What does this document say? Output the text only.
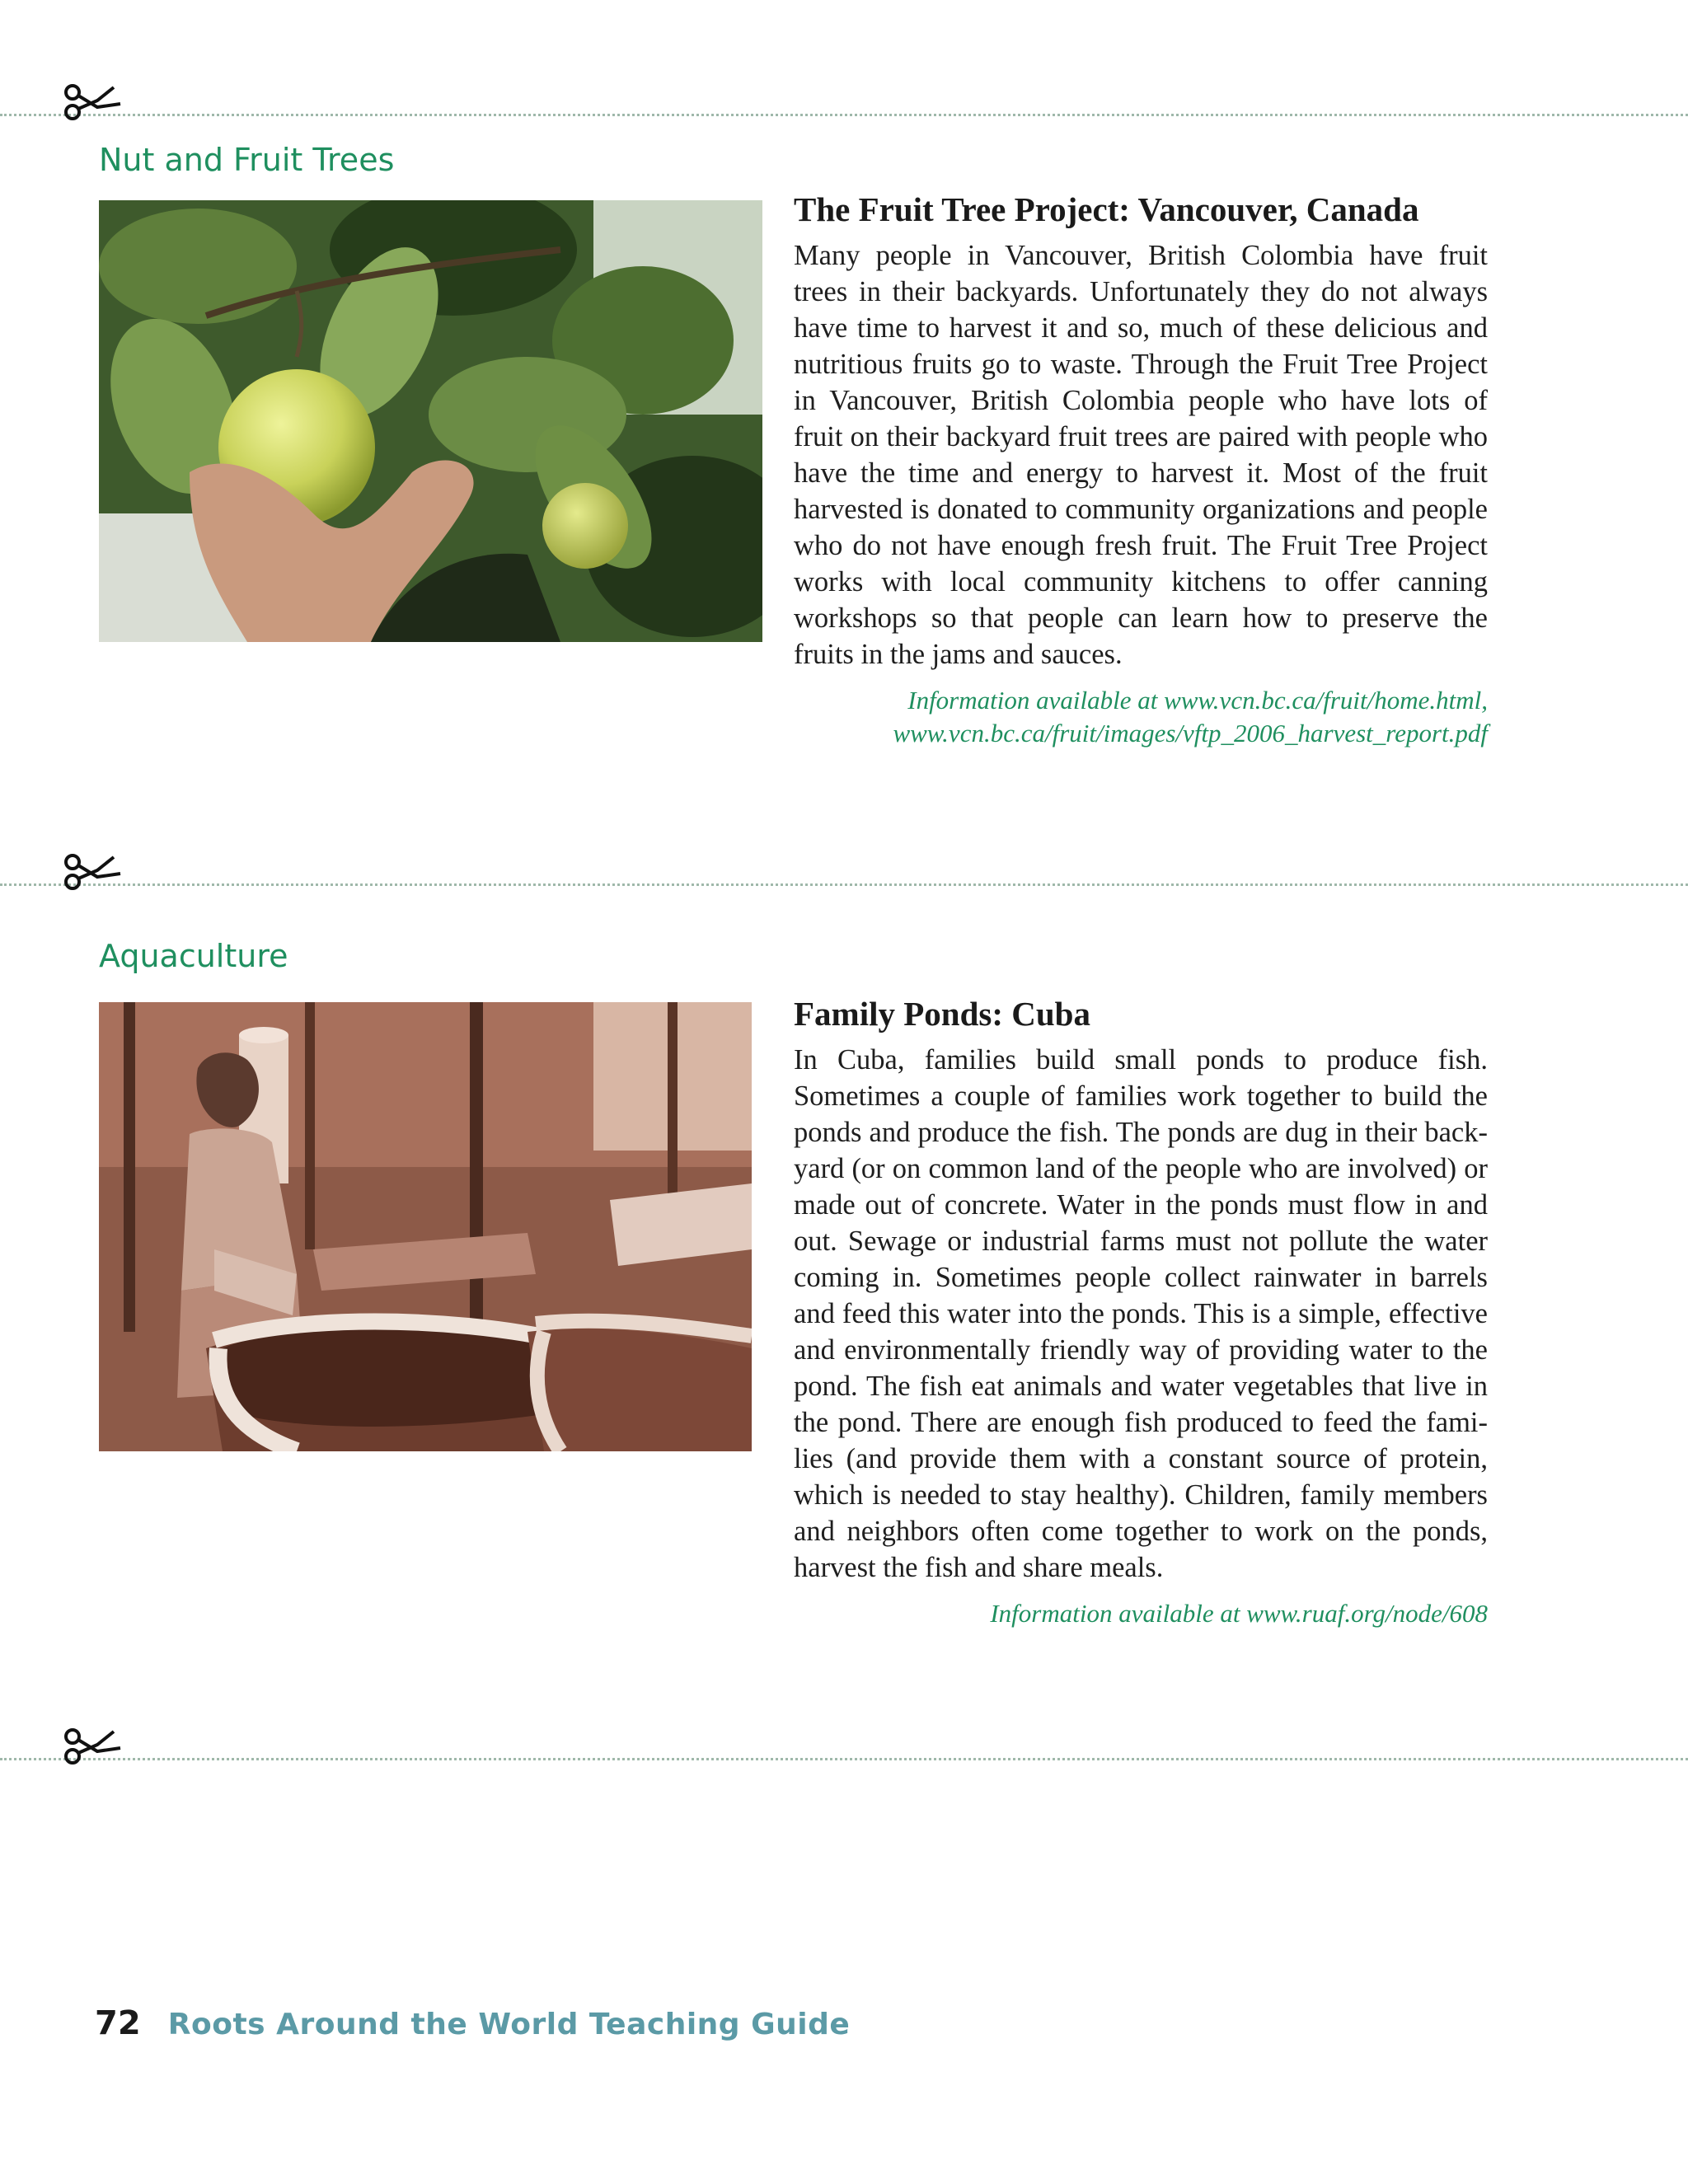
Nut and Fruit Trees
The Fruit Tree Project: Vancouver, Canada

Many people in Vancouver, British Colombia have fruit trees in their backyards. Unfortunately they do not always have time to harvest it and so, much of these delicious and nutritious fruits go to waste. Through the Fruit Tree Project in Vancouver, British Colombia people who have lots of fruit on their backyard fruit trees are paired with people who have the time and energy to harvest it. Most of the fruit harvested is donated to community organizations and people who do not have enough fresh fruit. The Fruit Tree Project works with local community kitchens to offer canning workshops so that people can learn how to preserve the fruits in the jams and sauces.

Information available at www.vcn.bc.ca/fruit/home.html,
www.vcn.bc.ca/fruit/images/vftp_2006_harvest_report.pdf
Aquaculture
Family Ponds: Cuba

In Cuba, families build small ponds to produce fish. Sometimes a couple of families work together to build the ponds and produce the fish. The ponds are dug in their backyard (or on common land of the people who are involved) or made out of concrete. Water in the ponds must flow in and out. Sewage or industrial farms must not pollute the water coming in. Sometimes people collect rainwater in barrels and feed this water into the ponds. This is a simple, effective and environmentally friendly way of providing water to the pond. The fish eat animals and water vegetables that live in the pond. There are enough fish produced to feed the families (and provide them with a constant source of protein, which is needed to stay healthy). Children, family members and neighbors often come together to work on the ponds, harvest the fish and share meals.

Information available at www.ruaf.org/node/608
72 Roots Around the World Teaching Guide
